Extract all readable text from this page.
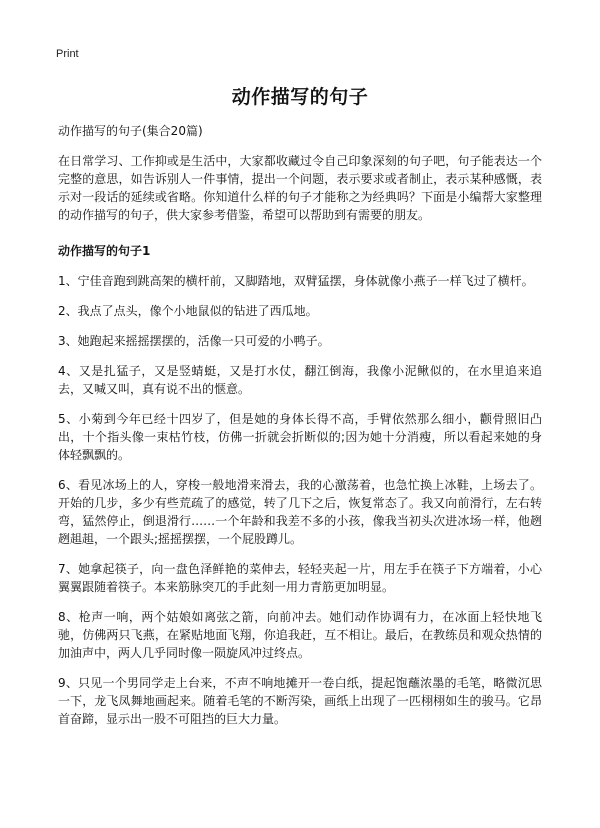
Print
动作描写的句子

动作描写的句子(集合20篇)

在日常学习、工作抑或是生活中，大家都收藏过令自己印象深刻的句子吧，句子能表达一个完整的意思，如告诉别人一件事情，提出一个问题，表示要求或者制止，表示某种感慨，表示对一段话的延续或省略。你知道什么样的句子才能称之为经典吗？下面是小编帮大家整理的动作描写的句子，供大家参考借鉴，希望可以帮助到有需要的朋友。

动作描写的句子1

1、宁佳音跑到跳高架的横杆前，又脚踏地，双臂猛摆，身体就像小燕子一样飞过了横杆。

2、我点了点头，像个小地鼠似的钻进了西瓜地。

3、她跑起来摇摇摆摆的，活像一只可爱的小鸭子。

4、又是扎猛子，又是竖蜻蜓，又是打水仗，翻江倒海，我像小泥鳅似的，在水里追来追去，又喊又叫，真有说不出的惬意。

5、小菊到今年已经十四岁了，但是她的身体长得不高，手臂依然那么细小，颧骨照旧凸出，十个指头像一束枯竹枝，仿佛一折就会折断似的;因为她十分消瘦，所以看起来她的身体轻飘飘的。

6、看见冰场上的人，穿梭一般地滑来滑去，我的心激荡着，也急忙换上冰鞋，上场去了。开始的几步，多少有些荒疏了的感觉，转了几下之后，恢复常态了。我又向前滑行，左右转弯，猛然停止，倒退滑行……一个年龄和我差不多的小孩，像我当初头次进冰场一样，他趔趔趄趄，一个跟头;摇摇摆摆，一个屁股蹲儿。

7、她拿起筷子，向一盘色泽鲜艳的菜伸去，轻轻夹起一片，用左手在筷子下方端着，小心翼翼跟随着筷子。本来筋脉突兀的手此刻一用力青筋更加明显。

8、枪声一响，两个姑娘如离弦之箭，向前冲去。她们动作协调有力，在冰面上轻快地飞驰，仿佛两只飞燕，在紧贴地面飞翔，你追我赶，互不相让。最后，在教练员和观众热情的加油声中，两人几乎同时像一陨旋风冲过终点。

9、只见一个男同学走上台来，不声不响地摊开一卷白纸，提起饱蘸浓墨的毛笔，略微沉思一下，龙飞凤舞地画起来。随着毛笔的不断泻染，画纸上出现了一匹栩栩如生的骏马。它昂首奋蹄，显示出一股不可阻挡的巨大力量。
